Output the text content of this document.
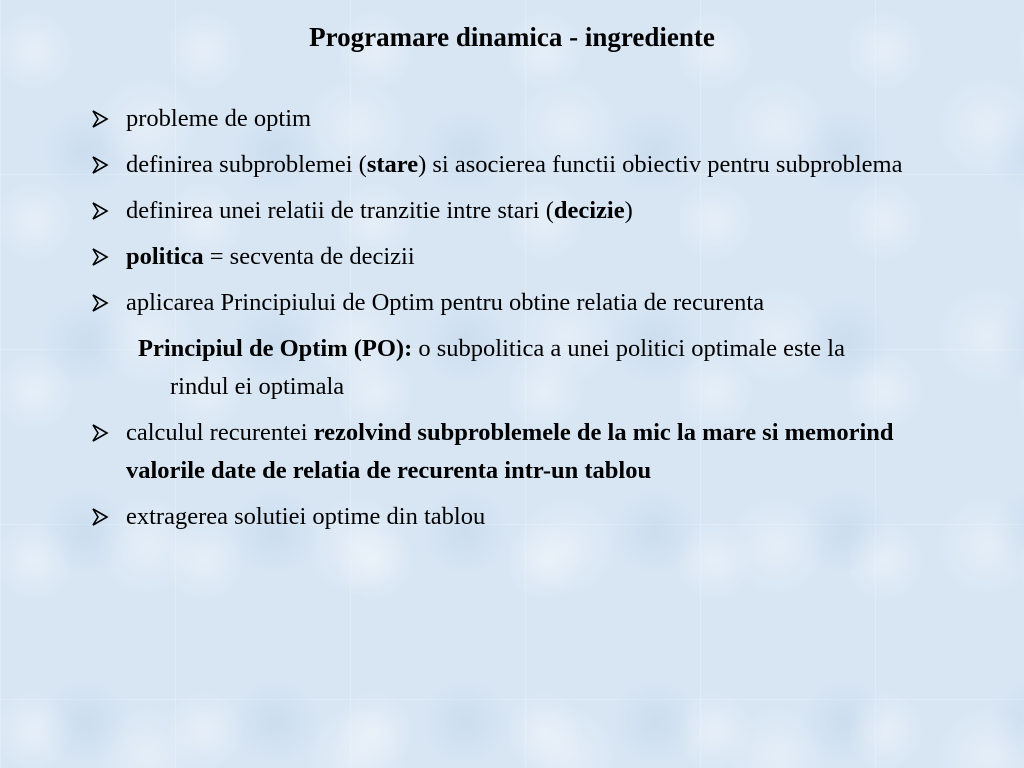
Programare dinamica - ingrediente
probleme de optim
definirea subproblemei (stare) si asocierea functii obiectiv pentru subproblema
definirea unei relatii de tranzitie intre stari (decizie)
politica = secventa de decizii
aplicarea Principiului de Optim pentru obtine relatia de recurenta
Principiul de Optim (PO): o subpolitica a unei politici optimale este la rindul ei optimala
calculul recurentei rezolvind subproblemele de la mic la mare si memorind valorile date de relatia de recurenta intr-un tablou
extragerea solutiei optime din tablou
